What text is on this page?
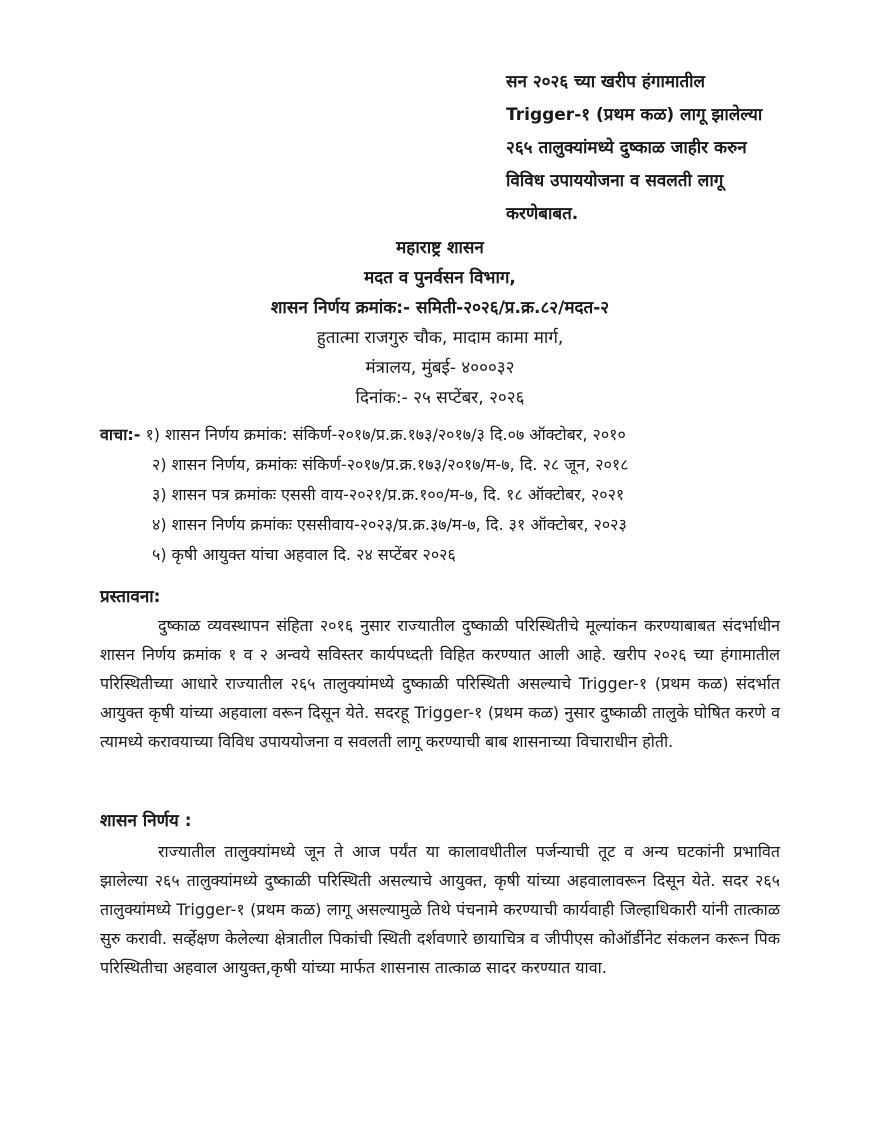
सन २०२६ च्या खरीप हंगामातील
Trigger-१ (प्रथम कळ) लागू झालेल्या
२६५ तालुक्यांमध्ये दुष्काळ जाहीर करुन
विविध उपाययोजना व सवलती लागू
करणेबाबत.
महाराष्ट्र शासन
मदत व पुनर्वसन विभाग,
शासन निर्णय क्रमांक:- समिती-२०२६/प्र.क्र.८२/मदत-२
हुतात्मा राजगुरु चौक, मादाम कामा मार्ग,
मंत्रालय, मुंबई- ४०००३२
दिनांक:- २५ सप्टेंबर, २०२६
वाचा:- १) शासन निर्णय क्रमांक: संकिर्ण-२०१७/प्र.क्र.१७३/२०१७/३ दि.०७ ऑक्टोबर, २०१०
२) शासन निर्णय, क्रमांकः संकिर्ण-२०१७/प्र.क्र.१७३/२०१७/म-७, दि. २८ जून, २०१८
३) शासन पत्र क्रमांकः एससी वाय-२०२१/प्र.क्र.१००/म-७, दि. १८ ऑक्टोबर, २०२१
४) शासन निर्णय क्रमांकः एससीवाय-२०२३/प्र.क्र.३७/म-७, दि. ३१ ऑक्टोबर, २०२३
५) कृषी आयुक्त यांचा अहवाल दि. २४ सप्टेंबर २०२६
प्रस्तावना:
दुष्काळ व्यवस्थापन संहिता २०१६ नुसार राज्यातील दुष्काळी परिस्थितीचे मूल्यांकन करण्याबाबत संदर्भाधीन शासन निर्णय क्रमांक १ व २ अन्वये सविस्तर कार्यपध्दती विहित करण्यात आली आहे. खरीप २०२६ च्या हंगामातील परिस्थितीच्या आधारे राज्यातील २६५ तालुक्यांमध्ये दुष्काळी परिस्थिती असल्याचे Trigger-१ (प्रथम कळ) संदर्भात आयुक्त कृषी यांच्या अहवाला वरून दिसून येते. सदरहू Trigger-१ (प्रथम कळ) नुसार दुष्काळी तालुके घोषित करणे व त्यामध्ये करावयाच्या विविध उपाययोजना व सवलती लागू करण्याची बाब शासनाच्या विचाराधीन होती.
शासन निर्णय :
राज्यातील तालुक्यांमध्ये जून ते आज पर्यंत या कालावधीतील पर्जन्याची तूट व अन्य घटकांनी प्रभावित झालेल्या २६५ तालुक्यांमध्ये दुष्काळी परिस्थिती असल्याचे आयुक्त, कृषी यांच्या अहवालावरून दिसून येते. सदर २६५ तालुक्यांमध्ये Trigger-१ (प्रथम कळ) लागू असल्यामुळे तिथे पंचनामे करण्याची कार्यवाही जिल्हाधिकारी यांनी तात्काळ सुरु करावी. सर्व्हेक्षण केलेल्या क्षेत्रातील पिकांची स्थिती दर्शवणारे छायाचित्र व जीपीएस कोऑर्डीनेट संकलन करून पिक परिस्थितीचा अहवाल आयुक्त,कृषी यांच्या मार्फत शासनास तात्काळ सादर करण्यात यावा.
